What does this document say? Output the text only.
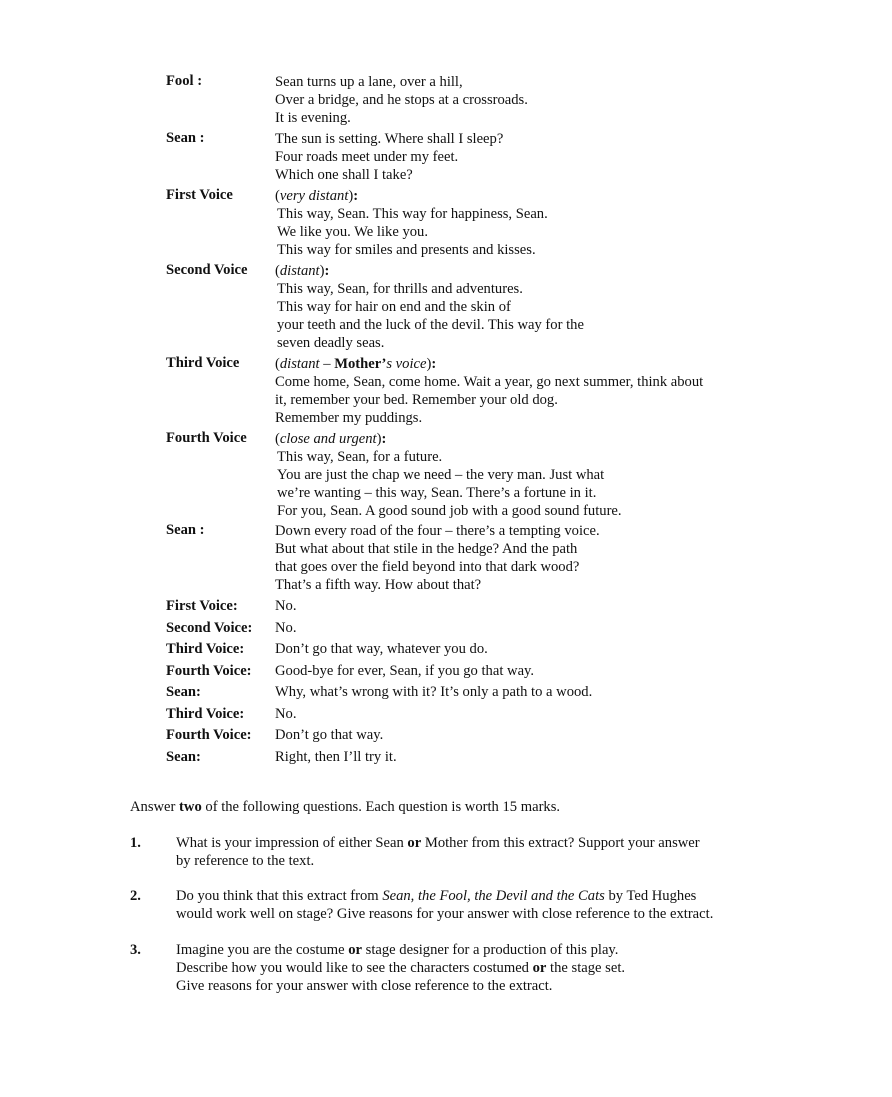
Fool :	Sean turns up a lane, over a hill,
Over a bridge, and he stops at a crossroads.
It is evening.
Sean :	The sun is setting. Where shall I sleep?
Four roads meet under my feet.
Which one shall I take?
First Voice	(very distant):
This way, Sean. This way for happiness, Sean.
We like you. We like you.
This way for smiles and presents and kisses.
Second Voice (distant):
This way, Sean, for thrills and adventures.
This way for hair on end and the skin of
your teeth and the luck of the devil. This way for the
seven deadly seas.
Third Voice (distant – Mother’s voice):
Come home, Sean, come home. Wait a year, go next summer, think about
it, remember your bed. Remember your old dog.
Remember my puddings.
Fourth Voice (close and urgent):
This way, Sean, for a future.
You are just the chap we need – the very man. Just what
we’re wanting – this way, Sean. There’s a fortune in it.
For you, Sean. A good sound job with a good sound future.
Sean :	Down every road of the four – there’s a tempting voice.
But what about that stile in the hedge? And the path
that goes over the field beyond into that dark wood?
That’s a fifth way. How about that?
First Voice:	No.
Second Voice: No.
Third Voice: Don’t go that way, whatever you do.
Fourth Voice: Good-bye for ever, Sean, if you go that way.
Sean:	Why, what’s wrong with it? It’s only a path to a wood.
Third Voice: No.
Fourth Voice: Don’t go that way.
Sean:	Right, then I’ll try it.
Answer two of the following questions. Each question is worth 15 marks.
1. What is your impression of either Sean or Mother from this extract? Support your answer
by reference to the text.
2. Do you think that this extract from Sean, the Fool, the Devil and the Cats by Ted Hughes
would work well on stage? Give reasons for your answer with close reference to the extract.
3. Imagine you are the costume or stage designer for a production of this play.
Describe how you would like to see the characters costumed or the stage set.
Give reasons for your answer with close reference to the extract.
